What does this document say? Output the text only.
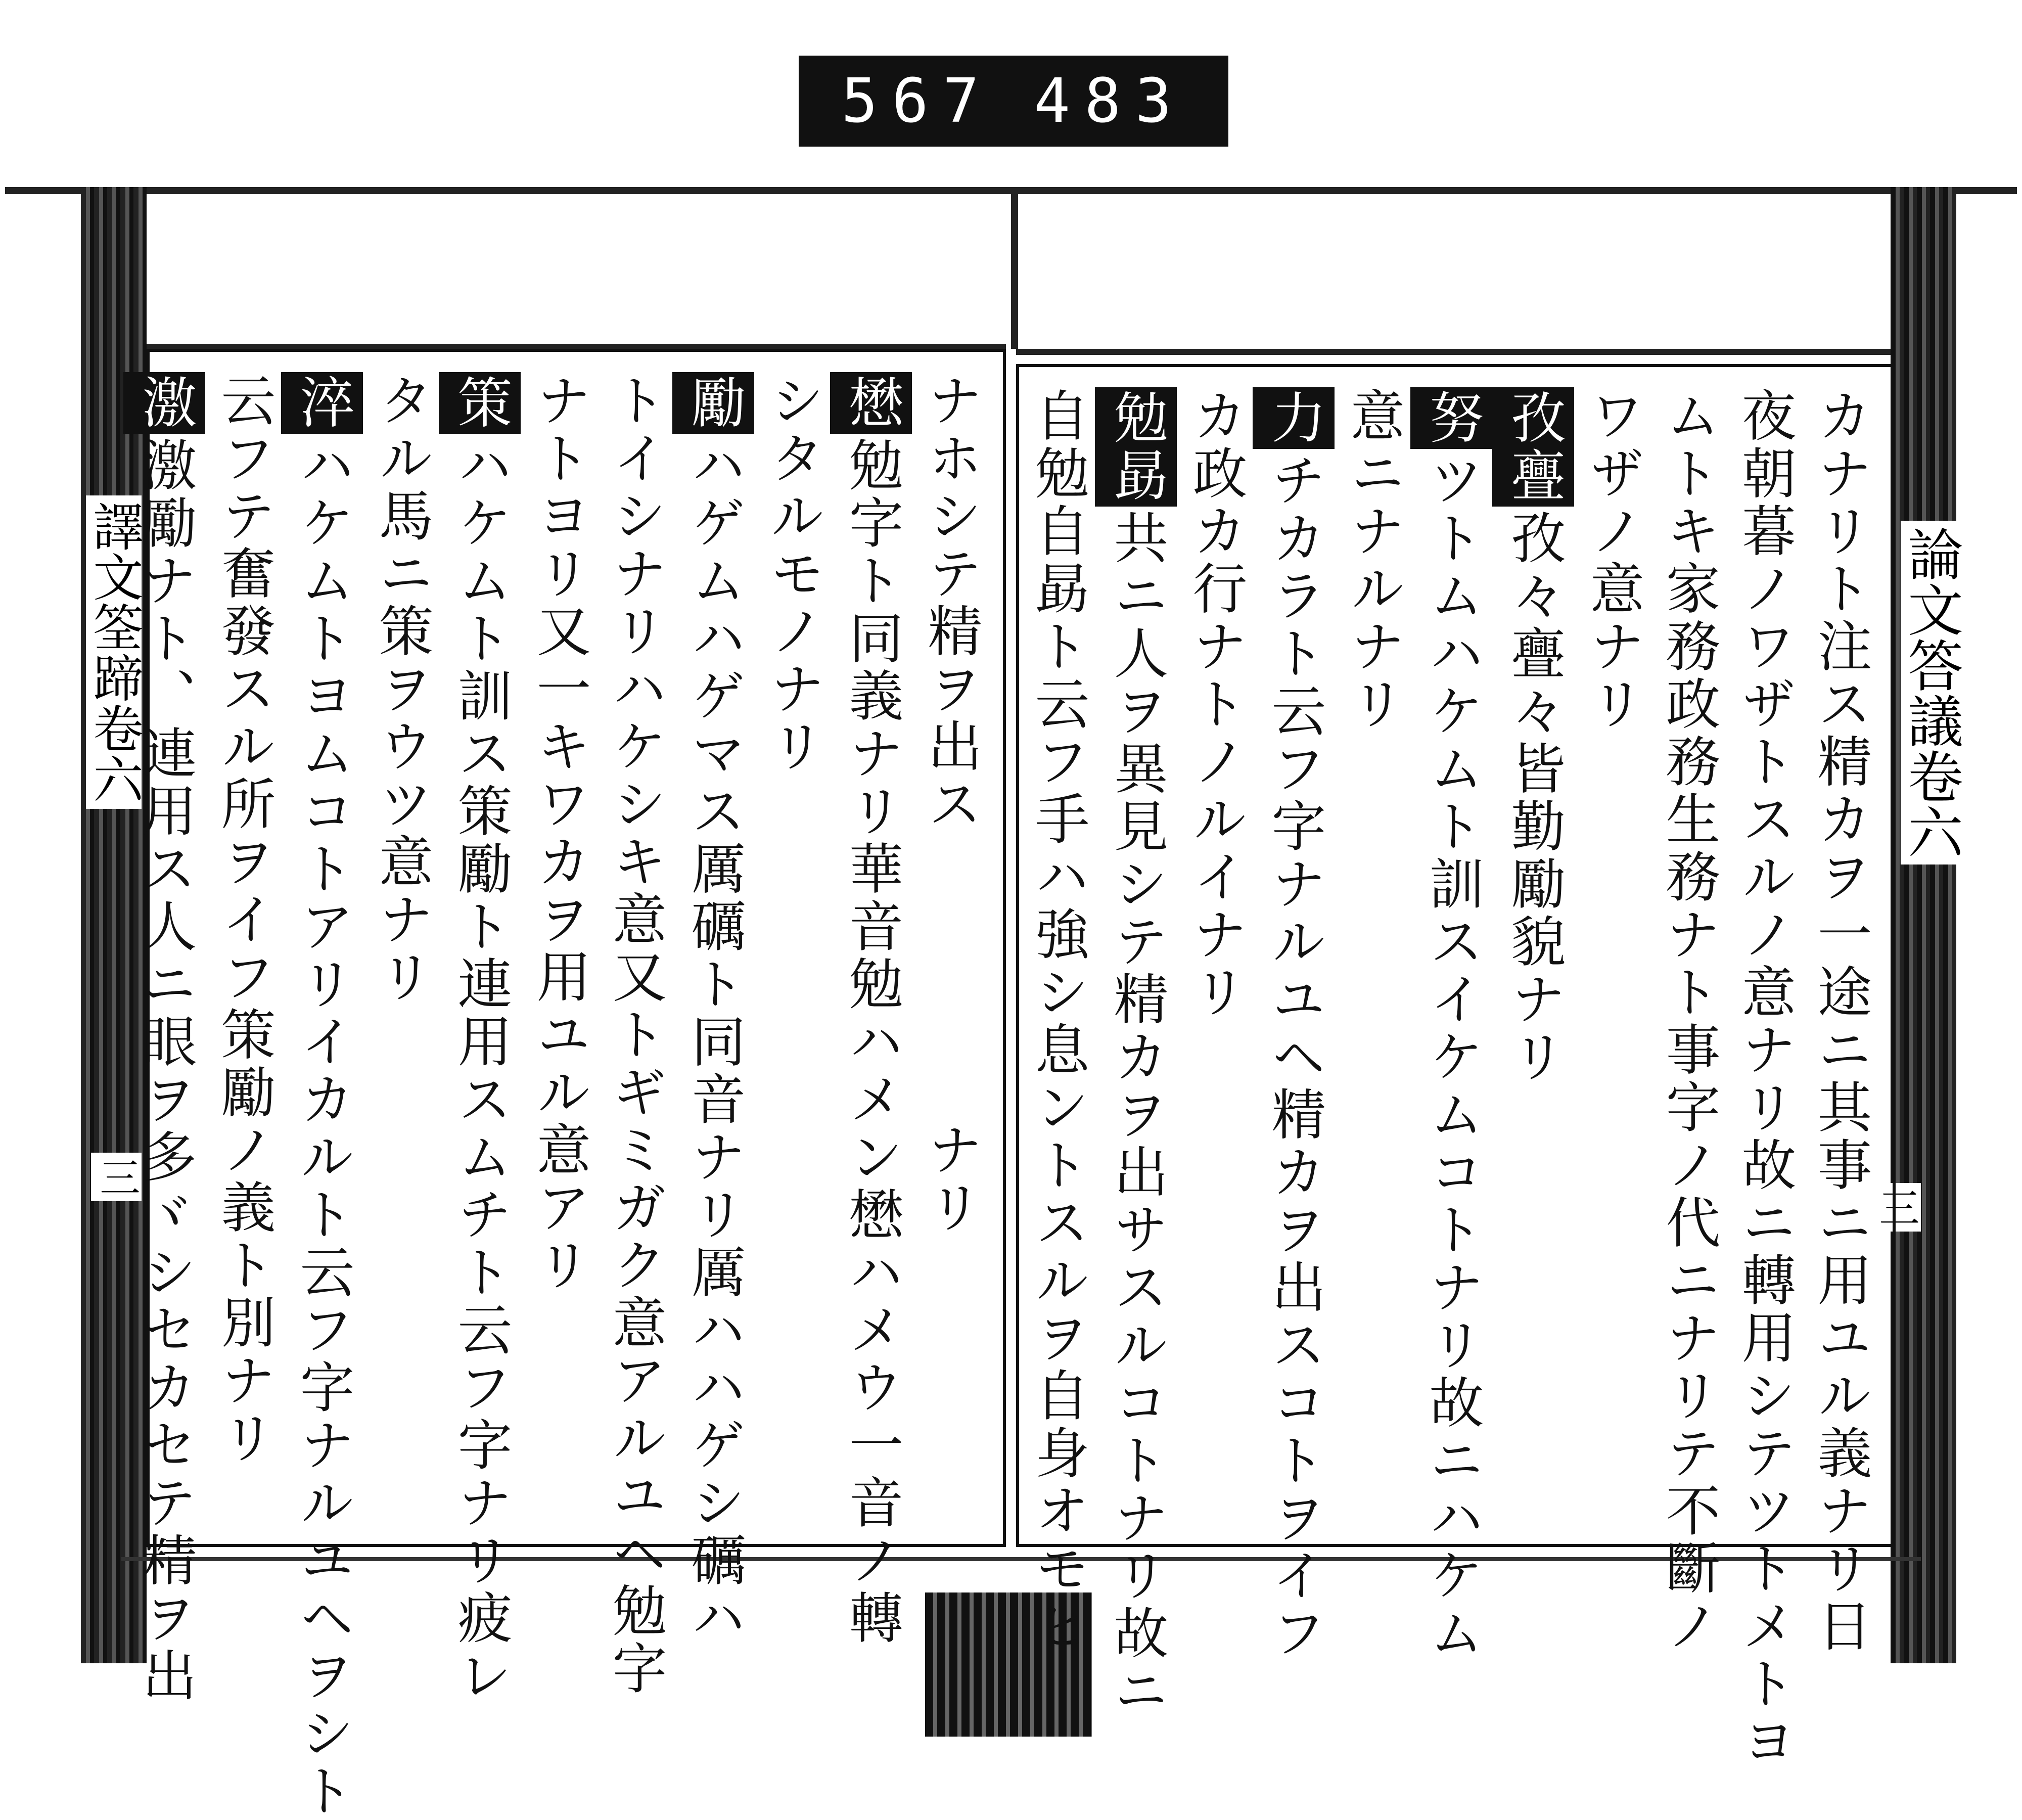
567 483
論文答議卷六
三
譯文筌蹄卷六
三	カナリト注ス精カヲ一途ニ其事ニ用ユル義ナリ日
夜朝暮ノワザトスルノ意ナリ故ニ轉用シテツトメトヨ
ムトキ家務政務生務ナト事字ノ代ニナリテ不斷ノ
ワザノ意ナリ
孜亹孜々亹々皆勤勵貌ナリ
努ツトムハケムト訓スイケムコトナリ故ニハケム
意ニナルナリ
力チカラト云フ字ナルユヘ精カヲ出スコトヲイフ
カ政カ行ナトノルイナリ
勉勗共ニ人ヲ異見シテ精カヲ出サスルコトナリ故ニ
自勉自勗ト云フ手ハ強シ息ントスルヲ自身オモヒ
ナホシテ精ヲ出ス　　　　　ナリ
懋勉字ト同義ナリ華音勉ハメン懋ハメウ一音ノ轉
シタルモノナリ
勵ハゲムハゲマス厲礪ト同音ナリ厲ハハゲシ礪ハ
トイシナリハケシキ意又トギミガク意アルユヘ勉字
ナトヨリ又一キワカヲ用ユル意アリ
策ハケムト訓ス策勵ト連用スムチト云フ字ナリ疲レ
タル馬ニ策ヲウツ意ナリ
淬ハケムトヨムコトアリイカルト云フ字ナルユヘヲシト
云フテ奮發スル所ヲイフ策勵ノ義ト別ナリ
激激勵ナト、連用ス人ニ眼ヲ多ヾシセカセテ精ヲ出
